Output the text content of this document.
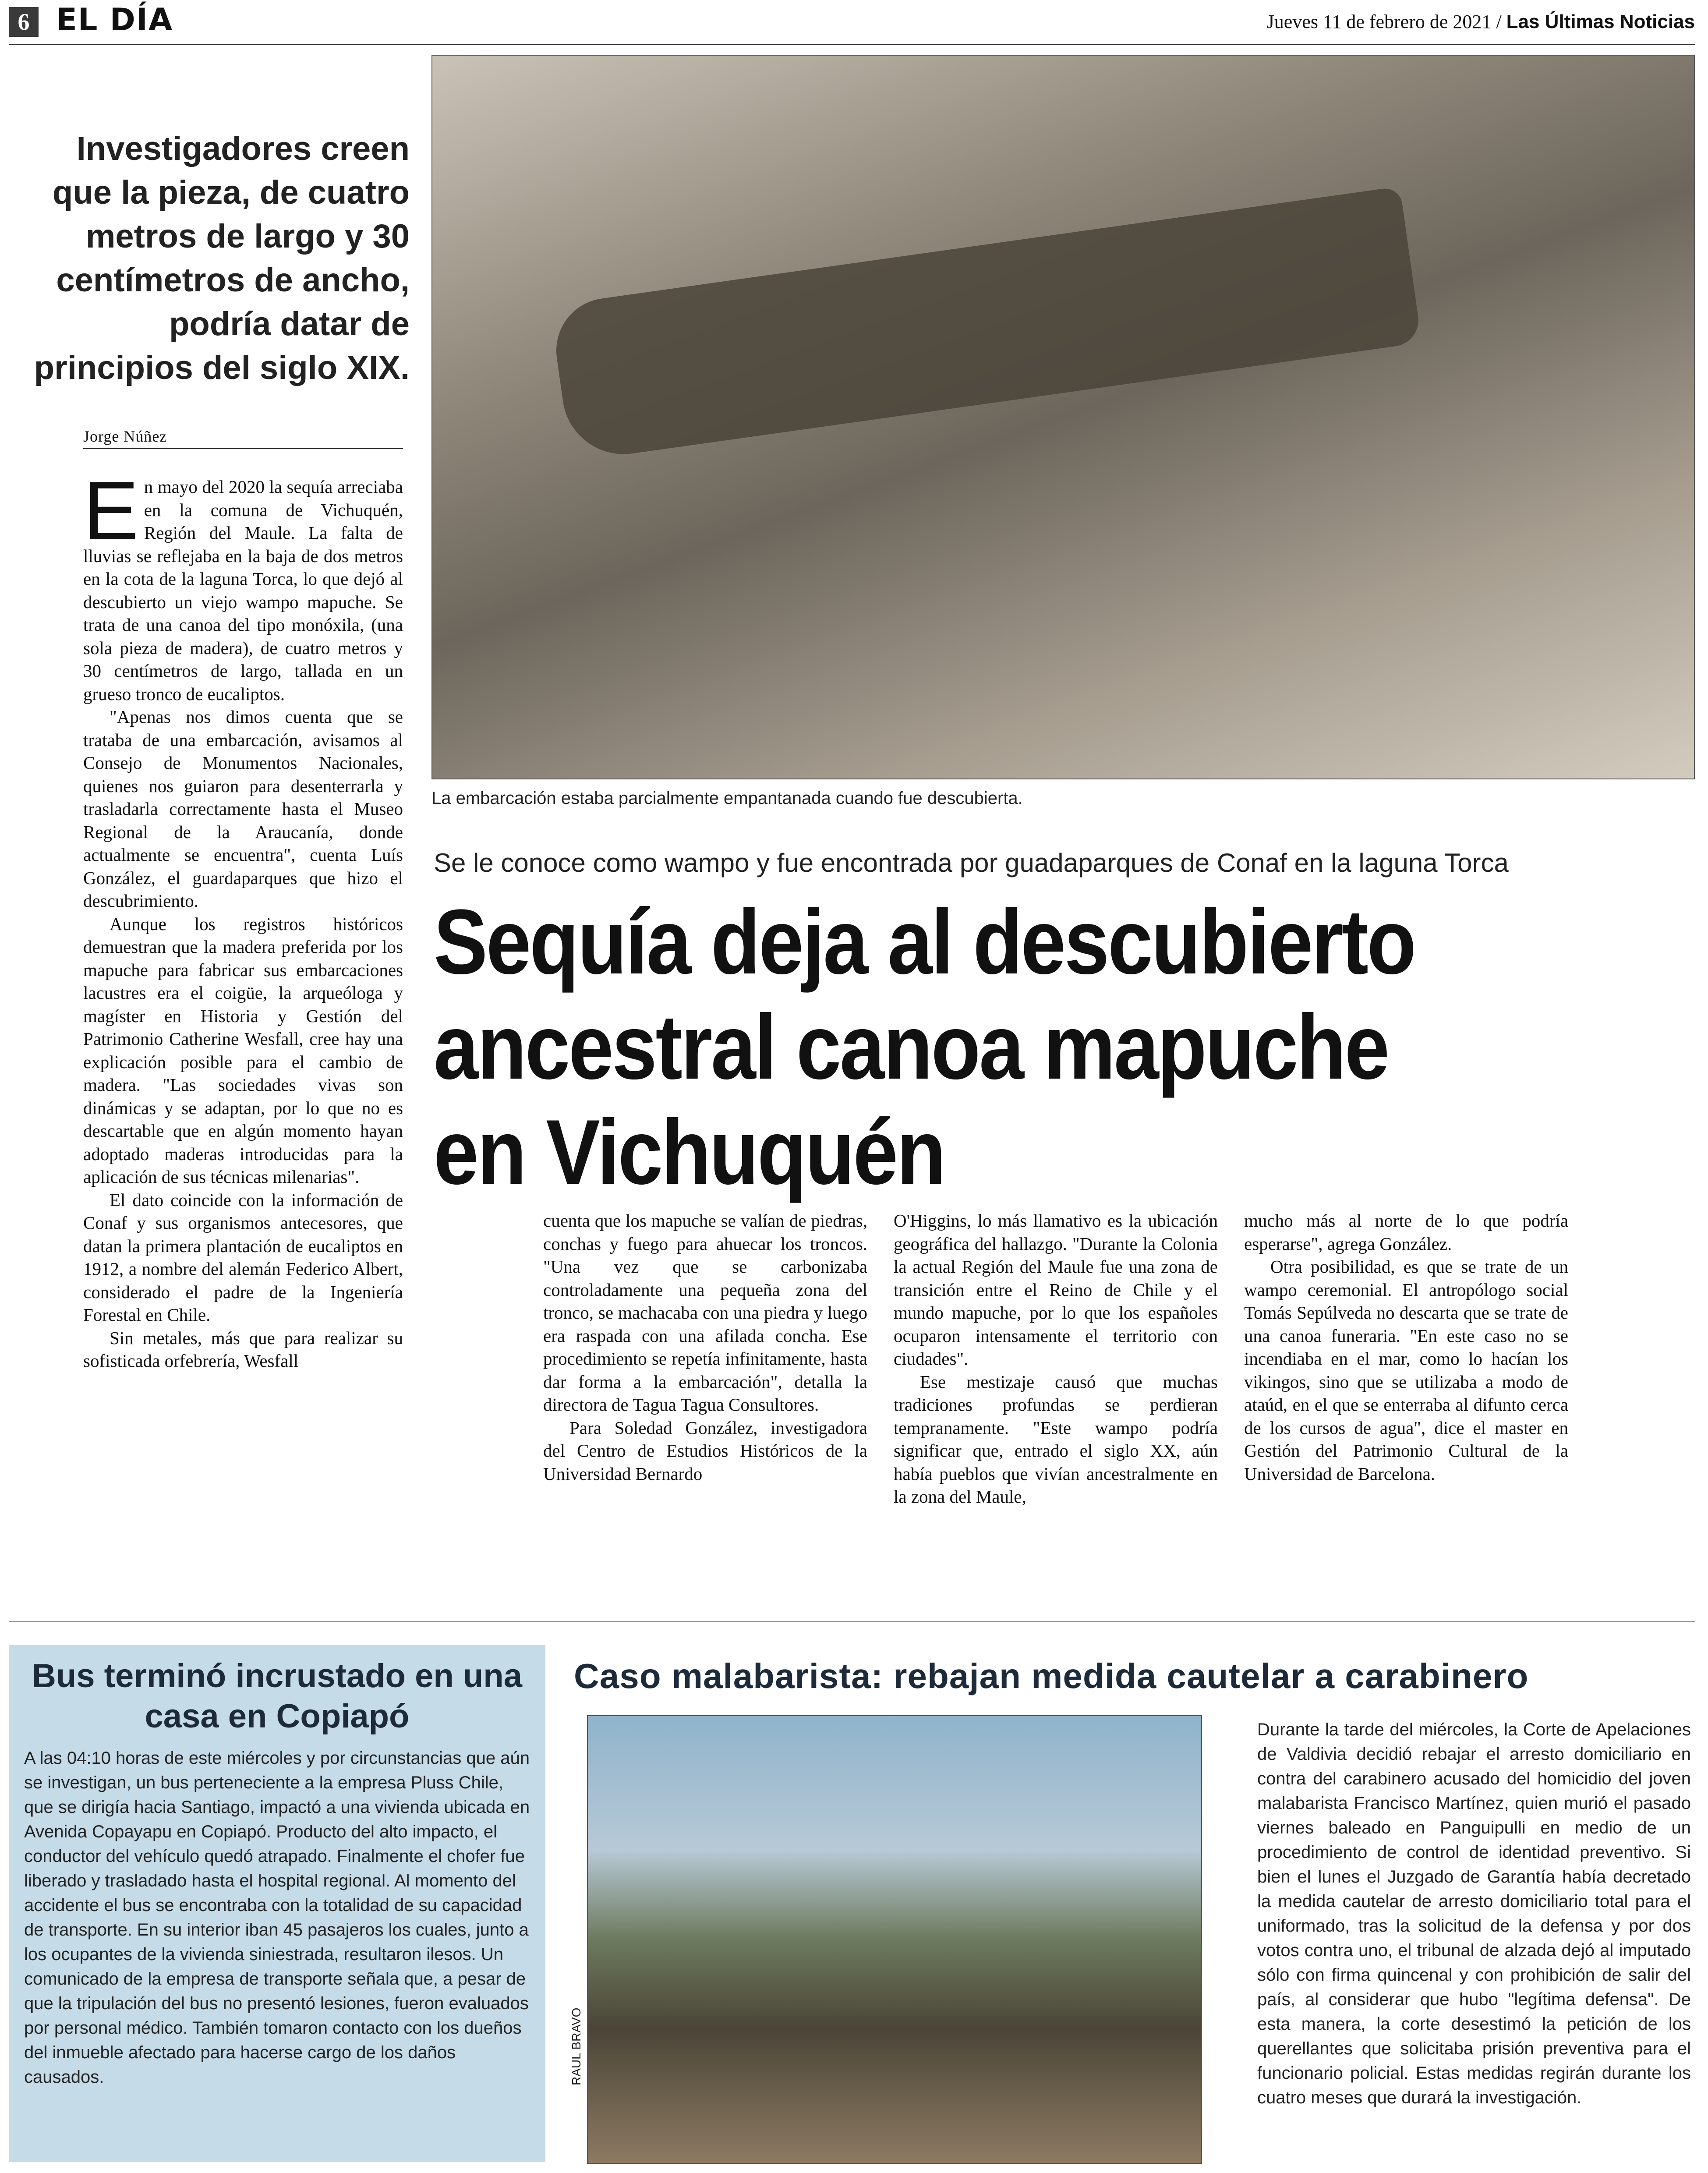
6 EL DÍA	Jueves 11 de febrero de 2021 / Las Últimas Noticias
La embarcación estaba parcialmente empantanada cuando fue descubierta.
Investigadores creen que la pieza, de cuatro metros de largo y 30 centímetros de ancho, podría datar de principios del siglo XIX.
Jorge Núñez

En mayo del 2020 la sequía arreciaba en la comuna de Vichuquén, Región del Maule. La falta de lluvias se reflejaba en la baja de dos metros en la cota de la laguna Torca, lo que dejó al descubierto un viejo wampo mapuche. Se trata de una canoa del tipo monóxila, (una sola pieza de madera), de cuatro metros y 30 centímetros de largo, tallada en un grueso tronco de eucaliptos.

"Apenas nos dimos cuenta que se trataba de una embarcación, avisamos al Consejo de Monumentos Nacionales, quienes nos guiaron para desenterrarla y trasladarla correctamente hasta el Museo Regional de la Araucanía, donde actualmente se encuentra", cuenta Luís González, el guardaparques que hizo el descubrimiento.

Aunque los registros históricos demuestran que la madera preferida por los mapuche para fabricar sus embarcaciones lacustres era el coigüe, la arqueóloga y magíster en Historia y Gestión del Patrimonio Catherine Wesfall, cree hay una explicación posible para el cambio de madera. "Las sociedades vivas son dinámicas y se adaptan, por lo que no es descartable que en algún momento hayan adoptado maderas introducidas para la aplicación de sus técnicas milenarias".

El dato coincide con la información de Conaf y sus organismos antecesores, que datan la primera plantación de eucaliptos en 1912, a nombre del alemán Federico Albert, considerado el padre de la Ingeniería Forestal en Chile.

Sin metales, más que para realizar su sofisticada orfebrería, Wesfall

Se le conoce como wampo y fue encontrada por guadaparques de Conaf en la laguna Torca
Sequía deja al descubierto ancestral canoa mapuche en Vichuquén

cuenta que los mapuche se valían de piedras, conchas y fuego para ahuecar los troncos. "Una vez que se carbonizaba controladamente una pequeña zona del tronco, se machacaba con una piedra y luego era raspada con una afilada concha. Ese procedimiento se repetía infinitamente, hasta dar forma a la embarcación", detalla la directora de Tagua Tagua Consultores.

Para Soledad González, investigadora del Centro de Estudios Históricos de la Universidad Bernardo

O'Higgins, lo más llamativo es la ubicación geográfica del hallazgo. "Durante la Colonia la actual Región del Maule fue una zona de transición entre el Reino de Chile y el mundo mapuche, por lo que los españoles ocuparon intensamente el territorio con ciudades".

Ese mestizaje causó que muchas tradiciones profundas se perdieran tempranamente. "Este wampo podría significar que, entrado el siglo XX, aún había pueblos que vivían ancestralmente en la zona del Maule,

mucho más al norte de lo que podría esperarse", agrega González.

Otra posibilidad, es que se trate de un wampo ceremonial. El antropólogo social Tomás Sepúlveda no descarta que se trate de una canoa funeraria. "En este caso no se incendiaba en el mar, como lo hacían los vikingos, sino que se utilizaba a modo de ataúd, en el que se enterraba al difunto cerca de los cursos de agua", dice el master en Gestión del Patrimonio Cultural de la Universidad de Barcelona.

Bus terminó incrustado en una casa en Copiapó
A las 04:10 horas de este miércoles y por circunstancias que aún se investigan, un bus perteneciente a la empresa Pluss Chile, que se dirigía hacia Santiago, impactó a una vivienda ubicada en Avenida Copayapu en Copiapó. Producto del alto impacto, el conductor del vehículo quedó atrapado. Finalmente el chofer fue liberado y trasladado hasta el hospital regional. Al momento del accidente el bus se encontraba con la totalidad de su capacidad de transporte. En su interior iban 45 pasajeros los cuales, junto a los ocupantes de la vivienda siniestrada, resultaron ilesos. Un comunicado de la empresa de transporte señala que, a pesar de que la tripulación del bus no presentó lesiones, fueron evaluados por personal médico. También tomaron contacto con los dueños del inmueble afectado para hacerse cargo de los daños causados.
Caso malabarista: rebajan medida cautelar a carabinero
RAUL BRAVO
Durante la tarde del miércoles, la Corte de Apelaciones de Valdivia decidió rebajar el arresto domiciliario en contra del carabinero acusado del homicidio del joven malabarista Francisco Martínez, quien murió el pasado viernes baleado en Panguipulli en medio de un procedimiento de control de identidad preventivo. Si bien el lunes el Juzgado de Garantía había decretado la medida cautelar de arresto domiciliario total para el uniformado, tras la solicitud de la defensa y por dos votos contra uno, el tribunal de alzada dejó al imputado sólo con firma quincenal y con prohibición de salir del país, al considerar que hubo "legítima defensa". De esta manera, la corte desestimó la petición de los querellantes que solicitaba prisión preventiva para el funcionario policial. Estas medidas regirán durante los cuatro meses que durará la investigación.
